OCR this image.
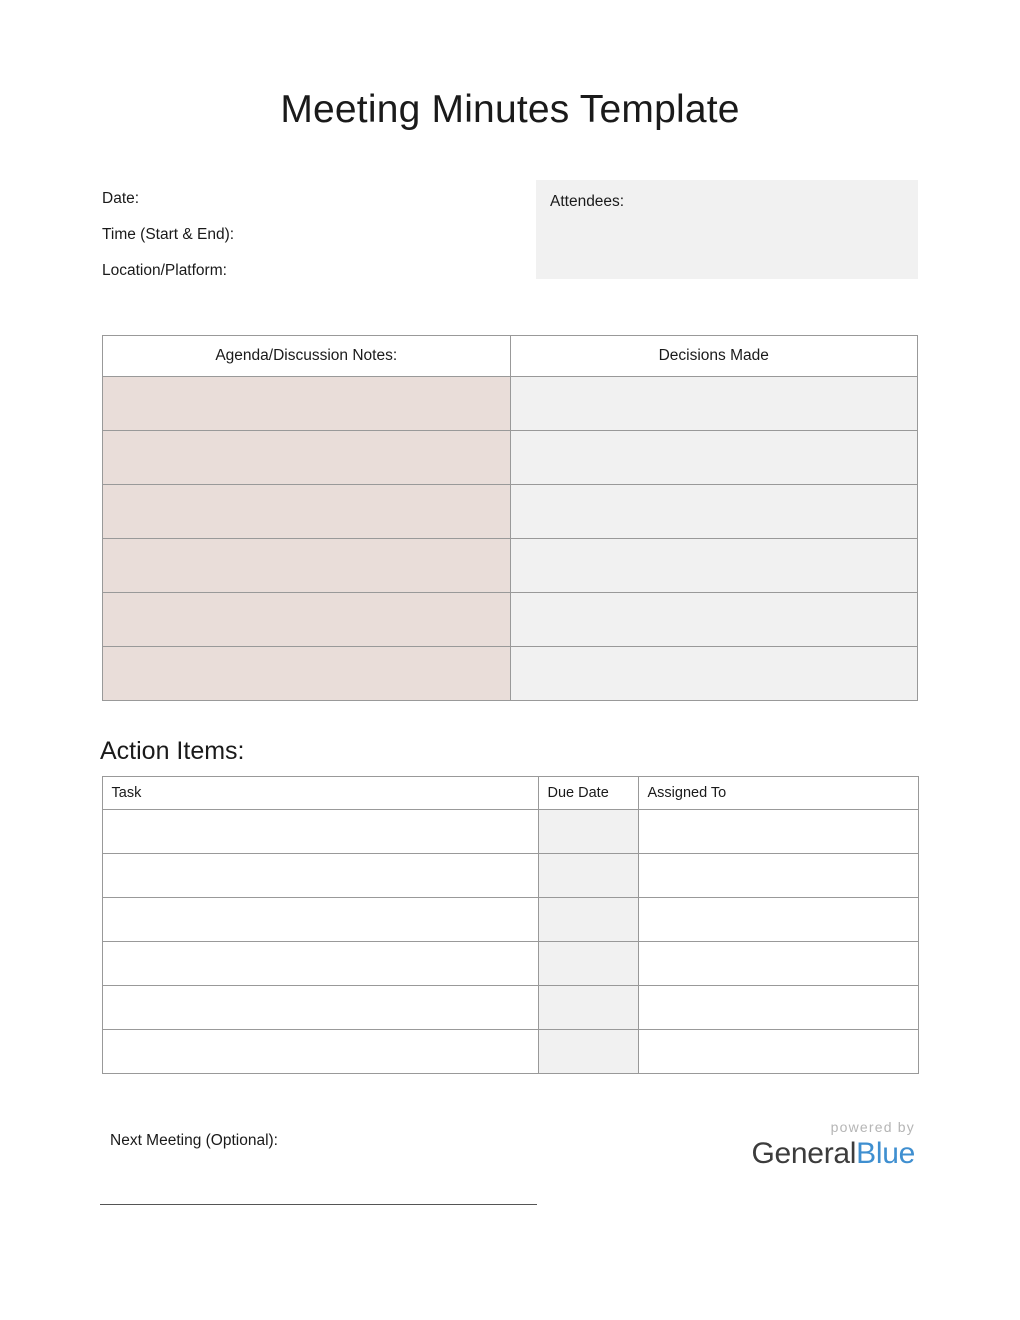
Meeting Minutes Template
Date:
Time (Start & End):
Location/Platform:
Attendees:
Agenda/Discussion Notes:	Decisions Made

Action Items:
Task	Due Date	Assigned To

Next Meeting (Optional):
powered by
GeneralBlue
